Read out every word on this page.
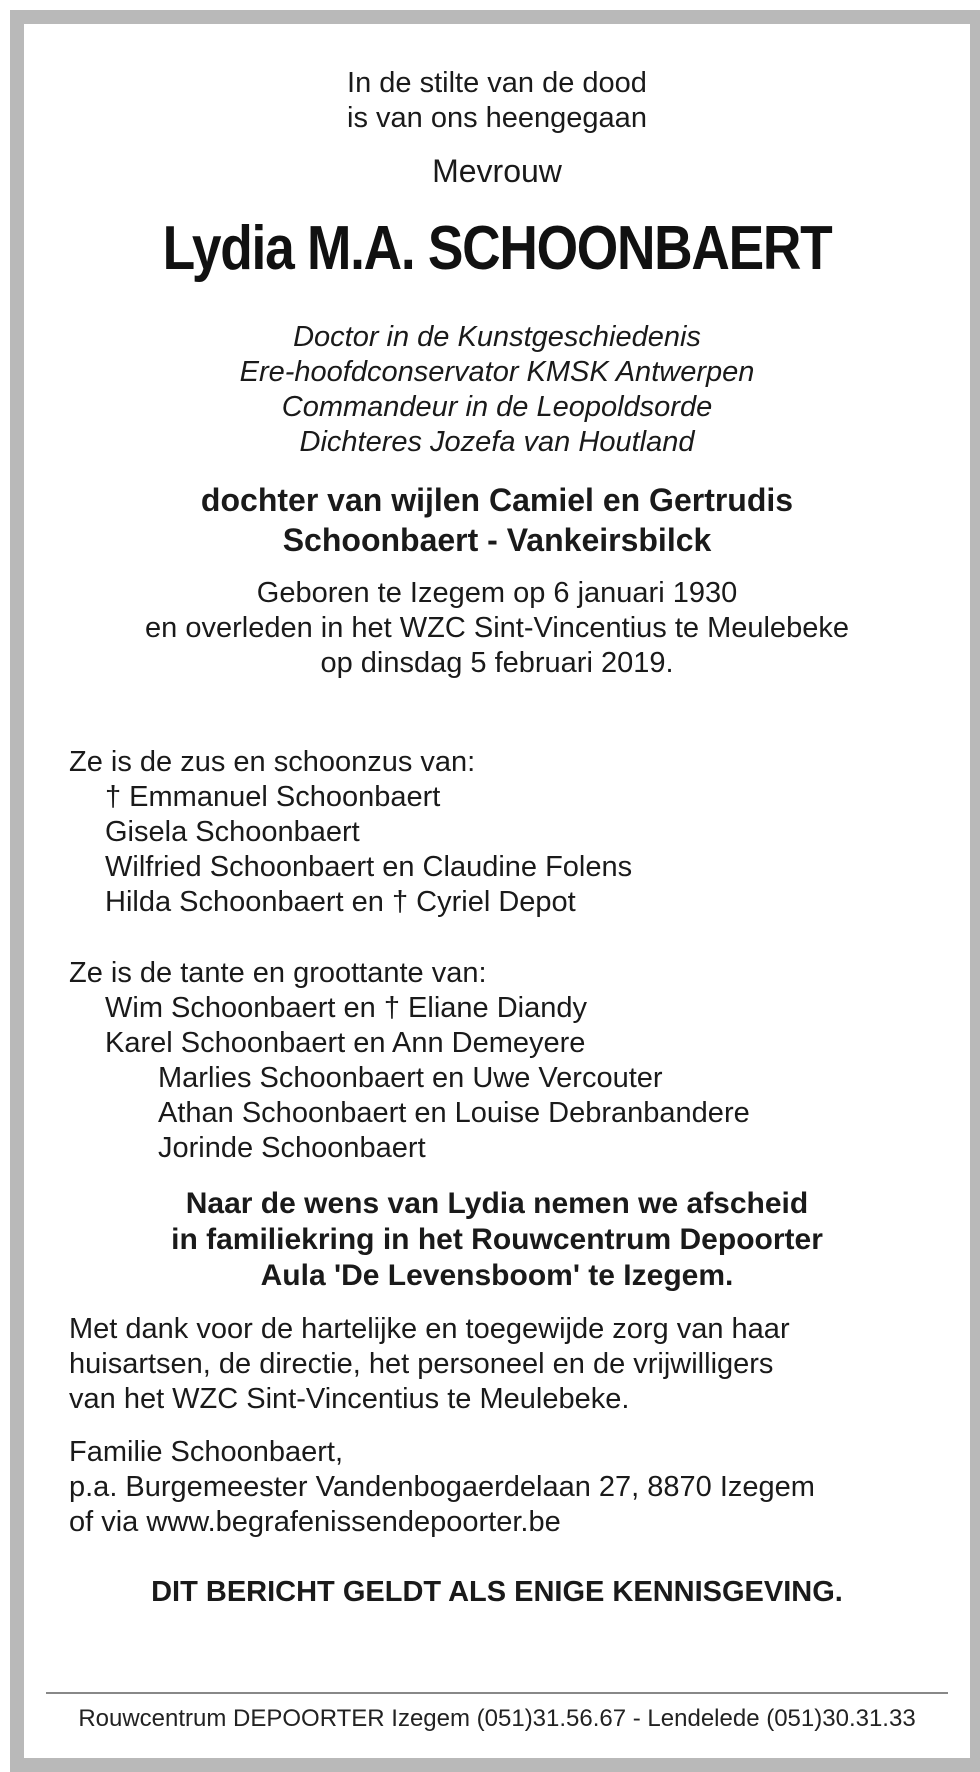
In de stilte van de dood

is van ons heengegaan

Mevrouw
Lydia M.A. SCHOONBAERT

Doctor in de Kunstgeschiedenis

Ere-hoofdconservator KMSK Antwerpen

Commandeur in de Leopoldsorde

Dichteres Jozefa van Houtland

dochter van wijlen Camiel en Gertrudis
Schoonbaert - Vankeirsbilck

Geboren te Izegem op 6 januari 1930

en overleden in het WZC Sint-Vincentius te Meulebeke

op dinsdag 5 februari 2019.

Ze is de zus en schoonzus van:

† Emmanuel Schoonbaert

Gisela Schoonbaert

Wilfried Schoonbaert en Claudine Folens

Hilda Schoonbaert en † Cyriel Depot

Ze is de tante en groottante van:

Wim Schoonbaert en † Eliane Diandy

Karel Schoonbaert en Ann Demeyere

Marlies Schoonbaert en Uwe Vercouter

Athan Schoonbaert en Louise Debranbandere

Jorinde Schoonbaert

Naar de wens van Lydia nemen we afscheid
in familiekring in het Rouwcentrum Depoorter
Aula 'De Levensboom' te Izegem.

Met dank voor de hartelijke en toegewijde zorg van haar

huisartsen, de directie, het personeel en de vrijwilligers

van het WZC Sint-Vincentius te Meulebeke.

Familie Schoonbaert,

p.a. Burgemeester Vandenbogaerdelaan 27, 8870 Izegem

of via www.begrafenissendepoorter.be

DIT BERICHT GELDT ALS ENIGE KENNISGEVING.
Rouwcentrum DEPOORTER Izegem (051)31.56.67 - Lendelede (051)30.31.33
